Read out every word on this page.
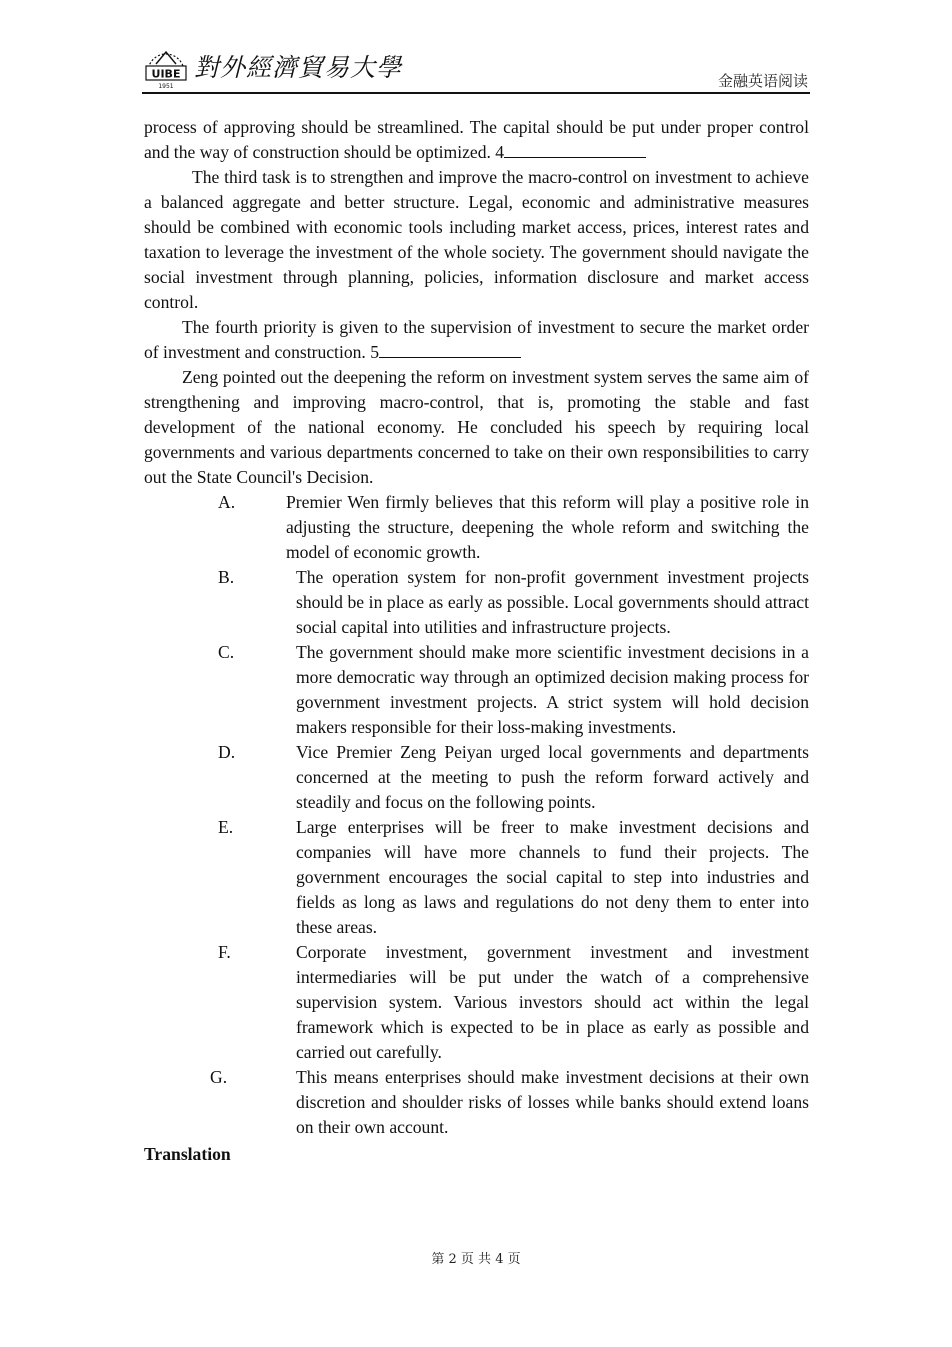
UIBE
1951
對外經濟貿易大學	金融英语阅读

process of approving should be streamlined. The capital should be put under proper control and the way of construction should be optimized. 4

The third task is to strengthen and improve the macro-control on investment to achieve a balanced aggregate and better structure. Legal, economic and administrative measures should be combined with economic tools including market access, prices, interest rates and taxation to leverage the investment of the whole society. The government should navigate the social investment through planning, policies, information disclosure and market access control.

The fourth priority is given to the supervision of investment to secure the market order of investment and construction. 5

Zeng pointed out the deepening the reform on investment system serves the same aim of strengthening and improving macro-control, that is, promoting the stable and fast development of the national economy. He concluded his speech by requiring local governments and various departments concerned to take on their own responsibilities to carry out the State Council's Decision.

A.	Premier Wen firmly believes that this reform will play a positive role in adjusting the structure, deepening the whole reform and switching the model of economic growth.
B.	The operation system for non-profit government investment projects should be in place as early as possible. Local governments should attract social capital into utilities and infrastructure projects.
C.	The government should make more scientific investment decisions in a more democratic way through an optimized decision making process for government investment projects. A strict system will hold decision makers responsible for their loss-making investments.
D.	Vice Premier Zeng Peiyan urged local governments and departments concerned at the meeting to push the reform forward actively and steadily and focus on the following points.
E.	Large enterprises will be freer to make investment decisions and companies will have more channels to fund their projects. The government encourages the social capital to step into industries and fields as long as laws and regulations do not deny them to enter into these areas.
F.	Corporate investment, government investment and investment intermediaries will be put under the watch of a comprehensive supervision system. Various investors should act within the legal framework which is expected to be in place as early as possible and carried out carefully.
G.	This means enterprises should make investment decisions at their own discretion and shoulder risks of losses while banks should extend loans on their own account.

Translation

第 2 页 共 4 页
